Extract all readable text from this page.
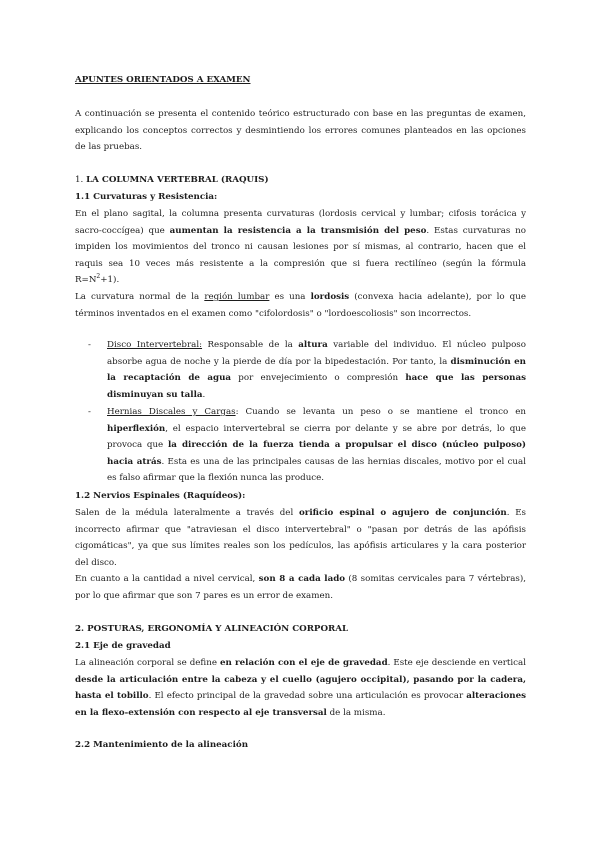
APUNTES ORIENTADOS A EXAMEN

A continuación se presenta el contenido teórico estructurado con base en las preguntas de examen, explicando los conceptos correctos y desmintiendo los errores comunes planteados en las opciones de las pruebas.

1. LA COLUMNA VERTEBRAL (RAQUIS)

1.1 Curvaturas y Resistencia:

En el plano sagital, la columna presenta curvaturas (lordosis cervical y lumbar; cifosis torácica y sacro-coccígea) que aumentan la resistencia a la transmisión del peso. Estas curvaturas no impiden los movimientos del tronco ni causan lesiones por sí mismas, al contrario, hacen que el raquis sea 10 veces más resistente a la compresión que si fuera rectilíneo (según la fórmula $R=N^2+1$).

La curvatura normal de la región lumbar es una lordosis (convexa hacia adelante), por lo que términos inventados en el examen como "cifolordosis" o "lordoescoliosis" son incorrectos.

- Disco Intervertebral: Responsable de la altura variable del individuo. El núcleo pulposo absorbe agua de noche y la pierde de día por la bipedestación. Por tanto, la disminución en la recaptación de agua por envejecimiento o compresión hace que las personas disminuyan su talla.

- Hernias Discales y Cargas: Cuando se levanta un peso o se mantiene el tronco en hiperflexión, el espacio intervertebral se cierra por delante y se abre por detrás, lo que provoca que la dirección de la fuerza tienda a propulsar el disco (núcleo pulposo) hacia atrás. Esta es una de las principales causas de las hernias discales, motivo por el cual es falso afirmar que la flexión nunca las produce.

1.2 Nervios Espinales (Raquídeos):

Salen de la médula lateralmente a través del orificio espinal o agujero de conjunción. Es incorrecto afirmar que "atraviesan el disco intervertebral" o "pasan por detrás de las apófisis cigomáticas", ya que sus límites reales son los pedículos, las apófisis articulares y la cara posterior del disco.

En cuanto a la cantidad a nivel cervical, son 8 a cada lado (8 somitas cervicales para 7 vértebras), por lo que afirmar que son 7 pares es un error de examen.

2. POSTURAS, ERGONOMÍA Y ALINEACIÓN CORPORAL

2.1 Eje de gravedad

La alineación corporal se define en relación con el eje de gravedad. Este eje desciende en vertical desde la articulación entre la cabeza y el cuello (agujero occipital), pasando por la cadera, hasta el tobillo. El efecto principal de la gravedad sobre una articulación es provocar alteraciones en la flexo-extensión con respecto al eje transversal de la misma.

2.2 Mantenimiento de la alineación
